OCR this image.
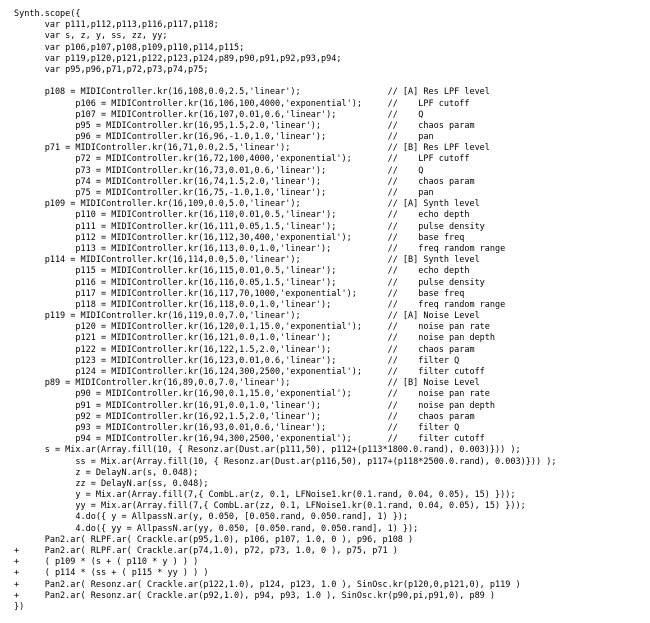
Synth.scope({
var p111,p112,p113,p116,p117,p118;
var s, z, y, ss, zz, yy;
var p106,p107,p108,p109,p110,p114,p115;
var p119,p120,p121,p122,p123,p124,p89,p90,p91,p92,p93,p94;
var p95,p96,p71,p72,p73,p74,p75;

p108 = MIDIController.kr(16,108,0.0,2.5,'linear');                 // [A] Res LPF level
p106 = MIDIController.kr(16,106,100,4000,'exponential');     //    LPF cutoff
p107 = MIDIController.kr(16,107,0.01,0.6,'linear');          //    Q
p95 = MIDIController.kr(16,95,1.5,2.0,'linear');             //    chaos param
p96 = MIDIController.kr(16,96,-1.0,1.0,'linear');            //    pan
p71 = MIDIController.kr(16,71,0.0,2.5,'linear');                   // [B] Res LPF level
p72 = MIDIController.kr(16,72,100,4000,'exponential');       //    LPF cutoff
p73 = MIDIController.kr(16,73,0.01,0.6,'linear');            //    Q
p74 = MIDIController.kr(16,74,1.5,2.0,'linear');             //    chaos param
p75 = MIDIController.kr(16,75,-1.0,1.0,'linear');            //    pan
p109 = MIDIController.kr(16,109,0.0,5.0,'linear');                 // [A] Synth level
p110 = MIDIController.kr(16,110,0.01,0.5,'linear');          //    echo depth
p111 = MIDIController.kr(16,111,0.05,1.5,'linear');          //    pulse density
p112 = MIDIController.kr(16,112,30,400,'exponential');       //    base freq
p113 = MIDIController.kr(16,113,0.0,1.0,'linear');           //    freq random range
p114 = MIDIController.kr(16,114,0.0,5.0,'linear');                 // [B] Synth level
p115 = MIDIController.kr(16,115,0.01,0.5,'linear');          //    echo depth
p116 = MIDIController.kr(16,116,0.05,1.5,'linear');          //    pulse density
p117 = MIDIController.kr(16,117,70,1000,'exponential');      //    base freq
p118 = MIDIController.kr(16,118,0.0,1.0,'linear');           //    freq random range
p119 = MIDIController.kr(16,119,0.0,7.0,'linear');                 // [A] Noise Level
p120 = MIDIController.kr(16,120,0.1,15.0,'exponential');     //    noise pan rate
p121 = MIDIController.kr(16,121,0.0,1.0,'linear');           //    noise pan depth
p122 = MIDIController.kr(16,122,1.5,2.0,'linear');           //    chaos param
p123 = MIDIController.kr(16,123,0.01,0.6,'linear');          //    filter Q
p124 = MIDIController.kr(16,124,300,2500,'exponential');     //    filter cutoff
p89 = MIDIController.kr(16,89,0.0,7.0,'linear');                   // [B] Noise Level
p90 = MIDIController.kr(16,90,0.1,15.0,'exponential');       //    noise pan rate
p91 = MIDIController.kr(16,91,0.0,1.0,'linear');             //    noise pan depth
p92 = MIDIController.kr(16,92,1.5,2.0,'linear');             //    chaos param
p93 = MIDIController.kr(16,93,0.01,0.6,'linear');            //    filter Q
p94 = MIDIController.kr(16,94,300,2500,'exponential');       //    filter cutoff
s = Mix.ar(Array.fill(10, { Resonz.ar(Dust.ar(p111,50), p112+(p113*1800.0.rand), 0.003)})) );
ss = Mix.ar(Array.fill(10, { Resonz.ar(Dust.ar(p116,50), p117+(p118*2500.0.rand), 0.003)})) );
z = DelayN.ar(s, 0.048);
zz = DelayN.ar(ss, 0.048);
y = Mix.ar(Array.fill(7,{ CombL.ar(z, 0.1, LFNoise1.kr(0.1.rand, 0.04, 0.05), 15) }));
yy = Mix.ar(Array.fill(7,{ CombL.ar(zz, 0.1, LFNoise1.kr(0.1.rand, 0.04, 0.05), 15) }));
4.do({ y = AllpassN.ar(y, 0.050, [0.050.rand, 0.050.rand], 1) });
4.do({ yy = AllpassN.ar(yy, 0.050, [0.050.rand, 0.050.rand], 1) });
Pan2.ar( RLPF.ar( Crackle.ar(p95,1.0), p106, p107, 1.0, 0 ), p96, p108 )
+     Pan2.ar( RLPF.ar( Crackle.ar(p74,1.0), p72, p73, 1.0, 0 ), p75, p71 )
+     ( p109 * (s + ( p110 * y ) ) )
+     ( p114 * (ss + ( p115 * yy ) ) )
+     Pan2.ar( Resonz.ar( Crackle.ar(p122,1.0), p124, p123, 1.0 ), SinOsc.kr(p120,0,p121,0), p119 )
+     Pan2.ar( Resonz.ar( Crackle.ar(p92,1.0), p94, p93, 1.0 ), SinOsc.kr(p90,pi,p91,0), p89 )
})
